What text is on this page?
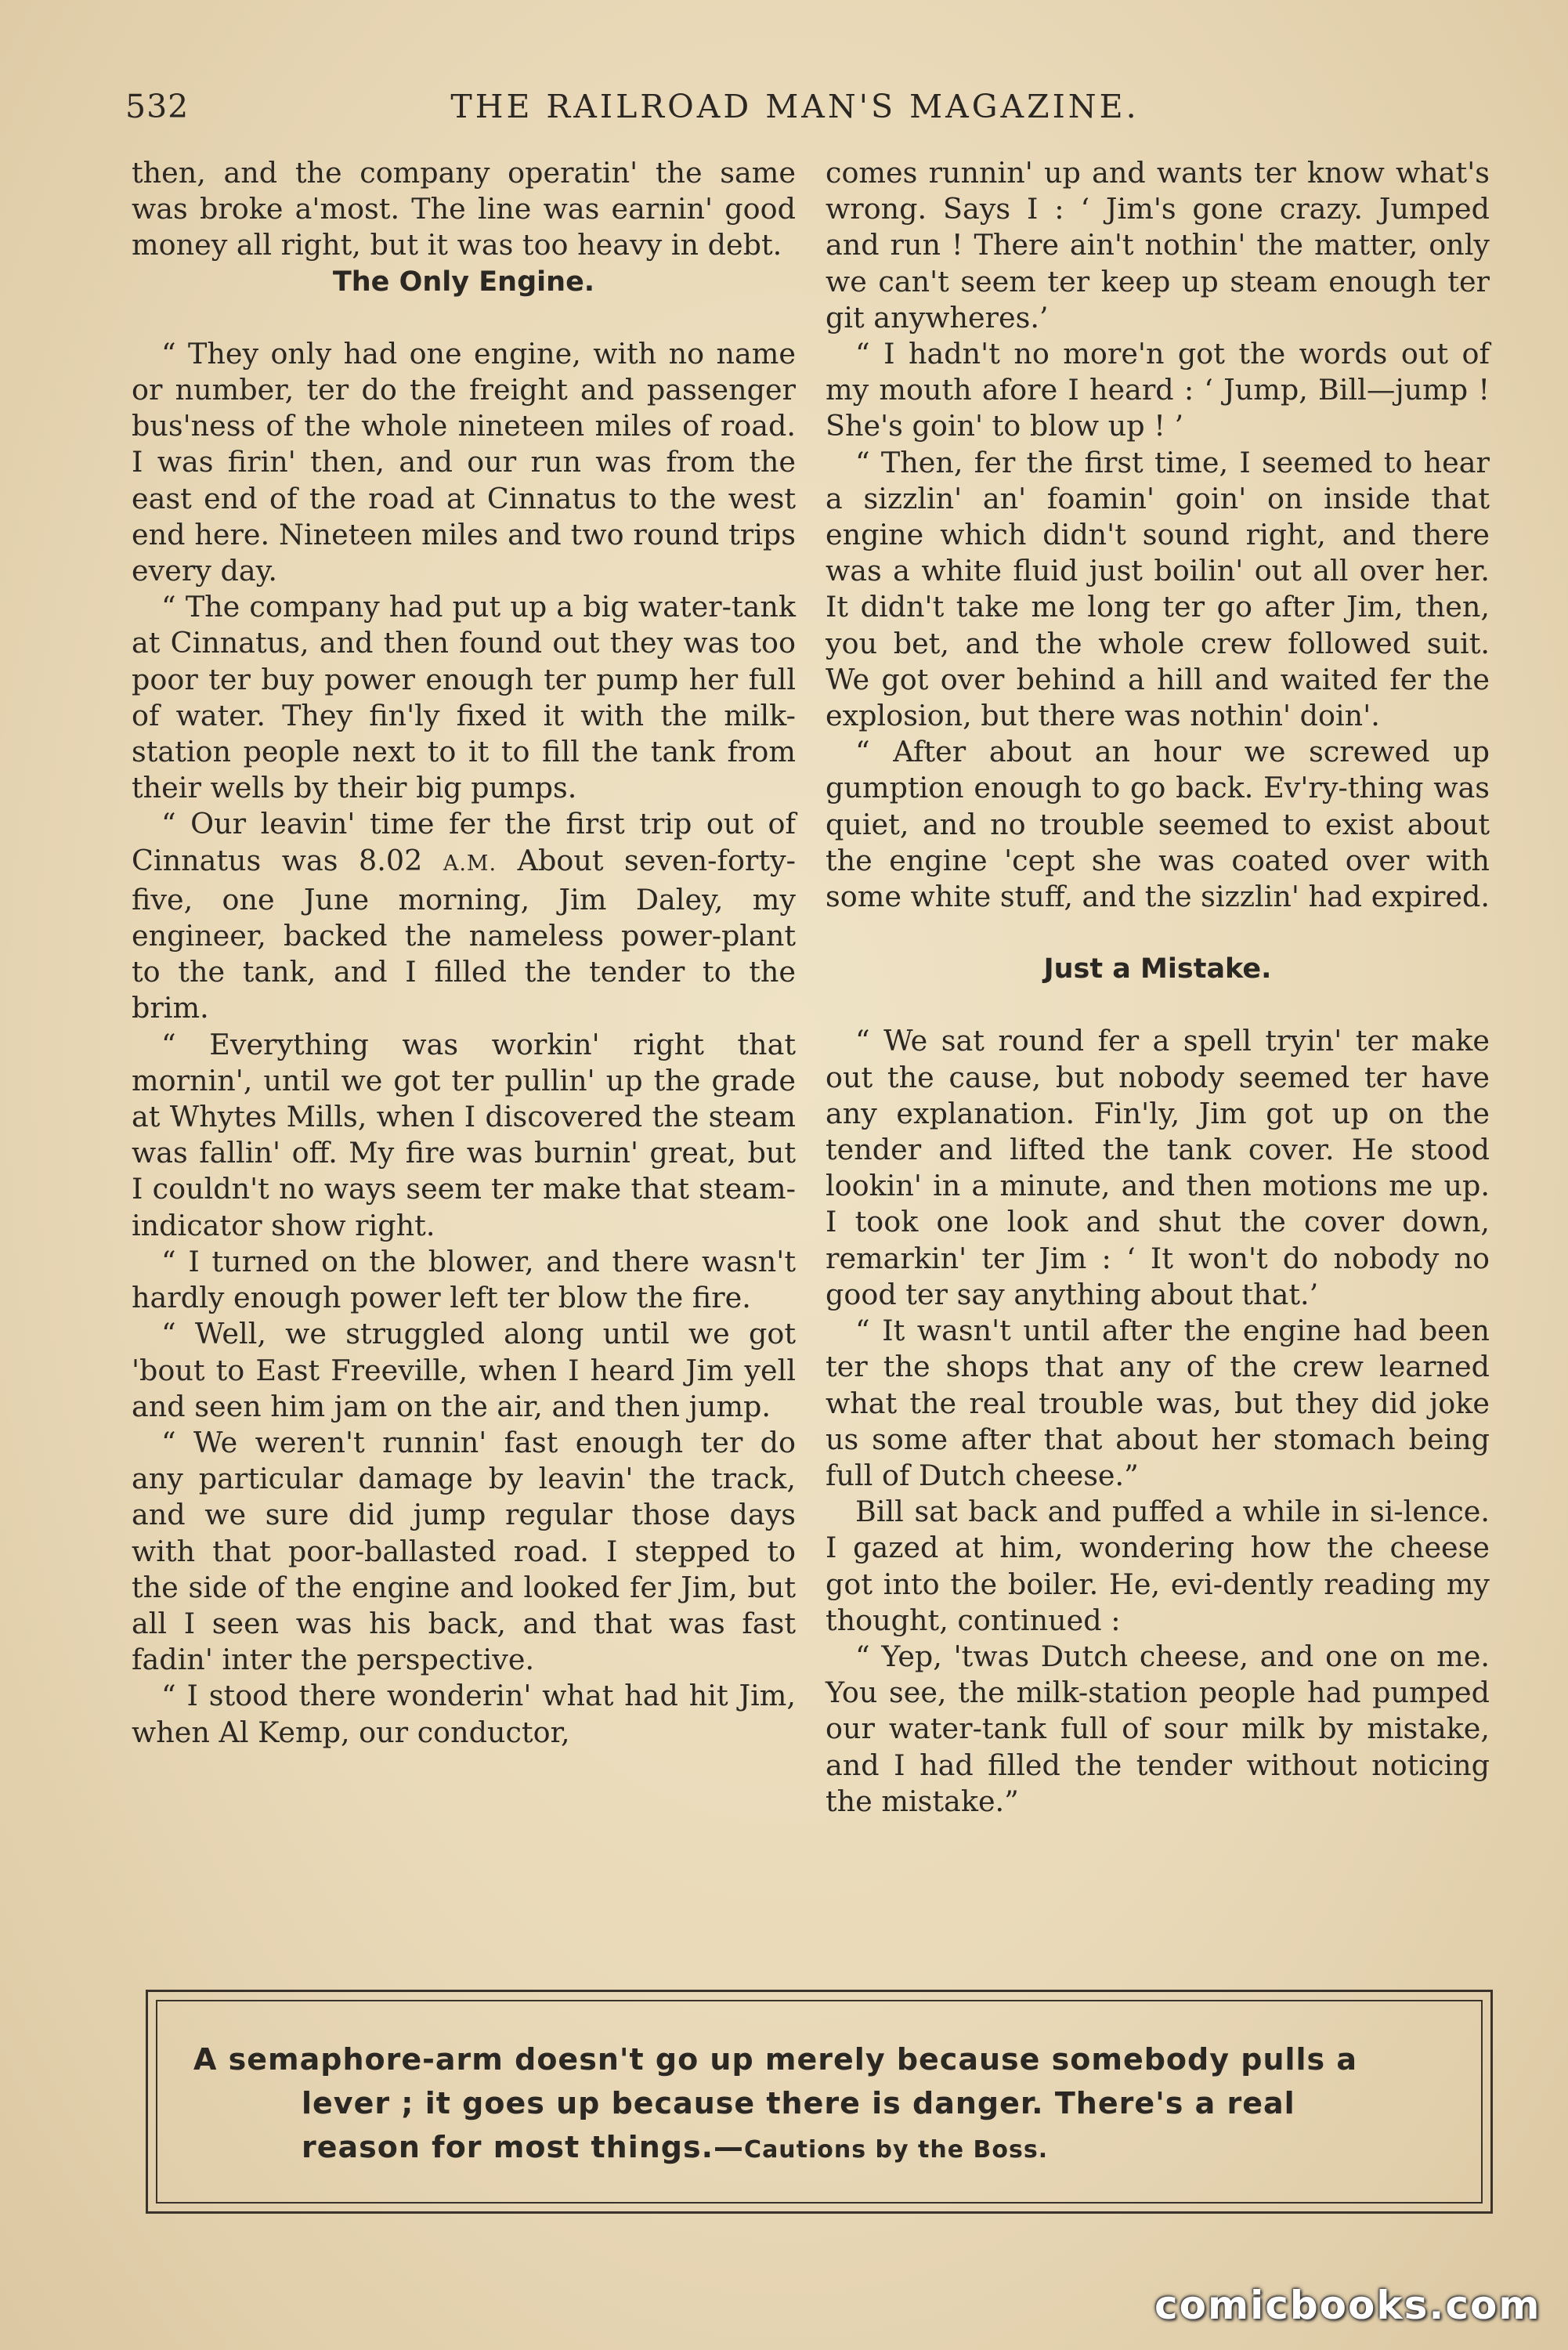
532	THE RAILROAD MAN'S MAGAZINE.

then, and the company operatin' the same was broke a'most. The line was earnin' good money all right, but it was too heavy in debt.

The Only Engine.

“ They only had one engine, with no name or number, ter do the freight and passenger bus'ness of the whole nineteen miles of road. I was firin' then, and our run was from the east end of the road at Cinnatus to the west end here. Nineteen miles and two round trips every day.

“ The company had put up a big water-tank at Cinnatus, and then found out they was too poor ter buy power enough ter pump her full of water. They fin'ly fixed it with the milk-station people next to it to fill the tank from their wells by their big pumps.

“ Our leavin' time fer the first trip out of Cinnatus was 8.02 A.M. About seven-forty-five, one June morning, Jim Daley, my engineer, backed the nameless power-plant to the tank, and I filled the tender to the brim.

“ Everything was workin' right that mornin', until we got ter pullin' up the grade at Whytes Mills, when I discovered the steam was fallin' off. My fire was burnin' great, but I couldn't no ways seem ter make that steam-indicator show right.

“ I turned on the blower, and there wasn't hardly enough power left ter blow the fire.

“ Well, we struggled along until we got 'bout to East Freeville, when I heard Jim yell and seen him jam on the air, and then jump.

“ We weren't runnin' fast enough ter do any particular damage by leavin' the track, and we sure did jump regular those days with that poor-ballasted road. I stepped to the side of the engine and looked fer Jim, but all I seen was his back, and that was fast fadin' inter the perspective.

“ I stood there wonderin' what had hit Jim, when Al Kemp, our conductor,

comes runnin' up and wants ter know what's wrong. Says I : ‘ Jim's gone crazy. Jumped and run ! There ain't nothin' the matter, only we can't seem ter keep up steam enough ter git anywheres.’

“ I hadn't no more'n got the words out of my mouth afore I heard : ‘ Jump, Bill—jump ! She's goin' to blow up ! ’

“ Then, fer the first time, I seemed to hear a sizzlin' an' foamin' goin' on inside that engine which didn't sound right, and there was a white fluid just boilin' out all over her. It didn't take me long ter go after Jim, then, you bet, and the whole crew followed suit. We got over behind a hill and waited fer the explosion, but there was nothin' doin'.

“ After about an hour we screwed up gumption enough to go back. Ev'ry-thing was quiet, and no trouble seemed to exist about the engine 'cept she was coated over with some white stuff, and the sizzlin' had expired.

Just a Mistake.

“ We sat round fer a spell tryin' ter make out the cause, but nobody seemed ter have any explanation. Fin'ly, Jim got up on the tender and lifted the tank cover. He stood lookin' in a minute, and then motions me up. I took one look and shut the cover down, remarkin' ter Jim : ‘ It won't do nobody no good ter say anything about that.’

“ It wasn't until after the engine had been ter the shops that any of the crew learned what the real trouble was, but they did joke us some after that about her stomach being full of Dutch cheese.”

Bill sat back and puffed a while in si-lence. I gazed at him, wondering how the cheese got into the boiler. He, evi-dently reading my thought, continued :

“ Yep, 'twas Dutch cheese, and one on me. You see, the milk-station people had pumped our water-tank full of sour milk by mistake, and I had filled the tender without noticing the mistake.”

A semaphore-arm doesn't go up merely because somebody pulls a
lever ; it goes up because there is danger. There's a real
reason for most things.—Cautions by the Boss.
comicbooks.com
